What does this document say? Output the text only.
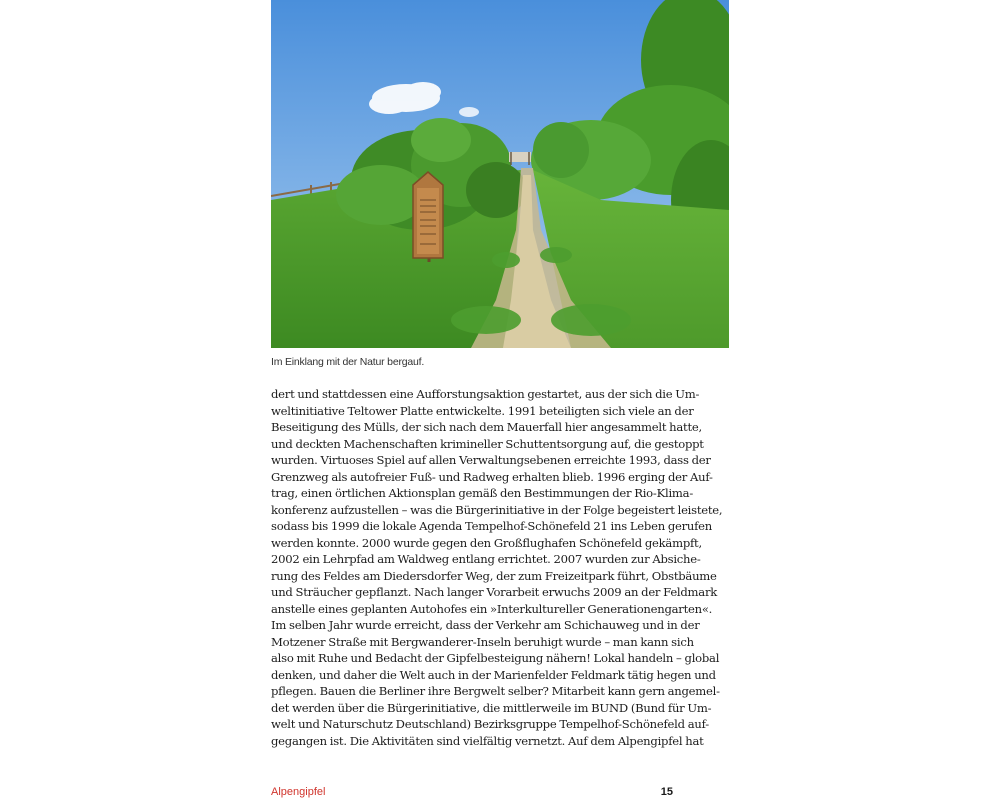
Im Einklang mit der Natur bergauf.

dert und stattdessen eine Aufforstungsaktion gestartet, aus der sich die Um-
weltinitiative Teltower Platte entwickelte. 1991 beteiligten sich viele an der
Beseitigung des Mülls, der sich nach dem Mauerfall hier angesammelt hatte,
und deckten Machenschaften krimineller Schuttentsorgung auf, die gestoppt
wurden. Virtuoses Spiel auf allen Verwaltungsebenen erreichte 1993, dass der
Grenzweg als autofreier Fuß- und Radweg erhalten blieb. 1996 erging der Auf-
trag, einen örtlichen Aktionsplan gemäß den Bestimmungen der Rio-Klima-
konferenz aufzustellen – was die Bürgerinitiative in der Folge begeistert leistete,
sodass bis 1999 die lokale Agenda Tempelhof-Schönefeld 21 ins Leben gerufen
werden konnte. 2000 wurde gegen den Großflughafen Schönefeld gekämpft,
2002 ein Lehrpfad am Waldweg entlang errichtet. 2007 wurden zur Absiche-
rung des Feldes am Diedersdorfer Weg, der zum Freizeitpark führt, Obstbäume
und Sträucher gepflanzt. Nach langer Vorarbeit erwuchs 2009 an der Feldmark
anstelle eines geplanten Autohofes ein »Interkultureller Generationengarten«.
Im selben Jahr wurde erreicht, dass der Verkehr am Schichauweg und in der
Motzener Straße mit Bergwanderer-Inseln beruhigt wurde – man kann sich
also mit Ruhe und Bedacht der Gipfelbesteigung nähern! Lokal handeln – global
denken, und daher die Welt auch in der Marienfelder Feldmark tätig hegen und
pflegen. Bauen die Berliner ihre Bergwelt selber? Mitarbeit kann gern angemel-
det werden über die Bürgerinitiative, die mittlerweile im BUND (Bund für Um-
welt und Naturschutz Deutschland) Bezirksgruppe Tempelhof-Schönefeld auf-
gegangen ist. Die Aktivitäten sind vielfältig vernetzt. Auf dem Alpengipfel hat

Alpengipfel	15
